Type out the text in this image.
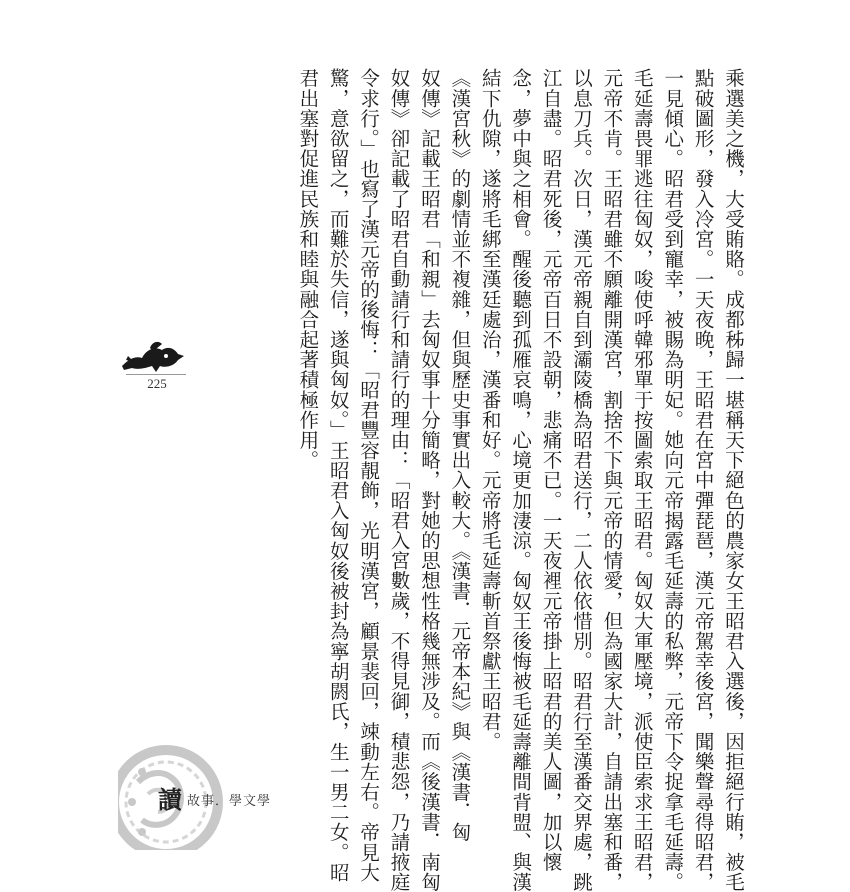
乘選美之機，大受賄賂。成都秭歸一堪稱天下絕色的農家女王昭君入選後，因拒絕行賄，被毛
點破圖形，發入冷宮。一天夜晚，王昭君在宮中彈琵琶，漢元帝駕幸後宮，聞樂聲尋得昭君，
一見傾心。昭君受到寵幸，被賜為明妃。她向元帝揭露毛延壽的私弊，元帝下令捉拿毛延壽。
毛延壽畏罪逃往匈奴，唆使呼韓邪單于按圖索取王昭君。匈奴大軍壓境，派使臣索求王昭君，
元帝不肯。王昭君雖不願離開漢宮，割捨不下與元帝的情愛，但為國家大計，自請出塞和番，
以息刀兵。次日，漢元帝親自到灞陵橋為昭君送行，二人依依惜別。昭君行至漢番交界處，跳
江自盡。昭君死後，元帝百日不設朝，悲痛不已。一天夜裡元帝掛上昭君的美人圖，加以懷
念，夢中與之相會。醒後聽到孤雁哀鳴，心境更加淒涼。匈奴王後悔被毛延壽離間背盟、與漢
結下仇隙，遂將毛綁至漢廷處治，漢番和好。元帝將毛延壽斬首祭獻王昭君。
《漢宮秋》的劇情並不複雜，但與歷史事實出入較大。《漢書．元帝本紀》與《漢書．匈
奴傳》記載王昭君「和親」去匈奴事十分簡略，對她的思想性格幾無涉及。而《後漢書．南匈
奴傳》卻記載了昭君自動請行和請行的理由：「昭君入宮數歲，不得見御，積悲怨，乃請掖庭
令求行。」也寫了漢元帝的後悔：「昭君豐容靚飾，光明漢宮，顧景裴回，竦動左右。帝見大
驚，意欲留之，而難於失信，遂與匈奴。」王昭君入匈奴後被封為寧胡閼氏，生一男二女。昭
君出塞對促進民族和睦與融合起著積極作用。
225
讀故事．學文學
